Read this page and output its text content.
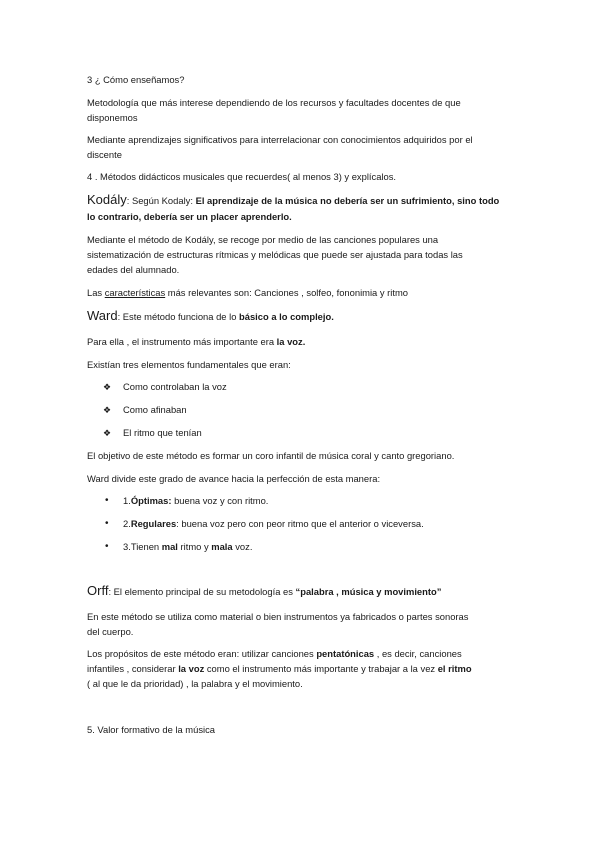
3 ¿ Cómo enseñamos?
Metodología que más interese dependiendo de los recursos y facultades docentes de que
disponemos
Mediante aprendizajes significativos para interrelacionar con conocimientos adquiridos por el
discente
4 . Métodos didácticos musicales que recuerdes( al menos 3) y explícalos.
Kodály: Según Kodaly: El aprendizaje de la música no debería ser un sufrimiento, sino todo
lo contrario, debería ser un placer aprenderlo.
Mediante el método de Kodály, se recoge por medio de las canciones populares una
sistematización de estructuras rítmicas y melódicas que puede ser ajustada para todas las
edades del alumnado.
Las características más relevantes son: Canciones , solfeo, fononimia y ritmo
Ward: Este método funciona de lo básico a lo complejo.
Para ella , el instrumento más importante era la voz.
Existían tres elementos fundamentales que eran:
❖ Como controlaban la voz
❖ Como afinaban
❖ El ritmo que tenían
El objetivo de este método es formar un coro infantil de música coral y canto gregoriano.
Ward divide este grado de avance hacia la perfección de esta manera:
• 1.Óptimas: buena voz y con ritmo.
• 2.Regulares: buena voz pero con peor ritmo que el anterior o viceversa.
• 3.Tienen mal ritmo y mala voz.
Orff: El elemento principal de su metodología es “palabra , música y movimiento”
En este método se utiliza como material o bien instrumentos ya fabricados o partes sonoras
del cuerpo.
Los propósitos de este método eran: utilizar canciones pentatónicas , es decir, canciones
infantiles , considerar la voz como el instrumento más importante y trabajar a la vez el ritmo
( al que le da prioridad) , la palabra y el movimiento.
5. Valor formativo de la música
